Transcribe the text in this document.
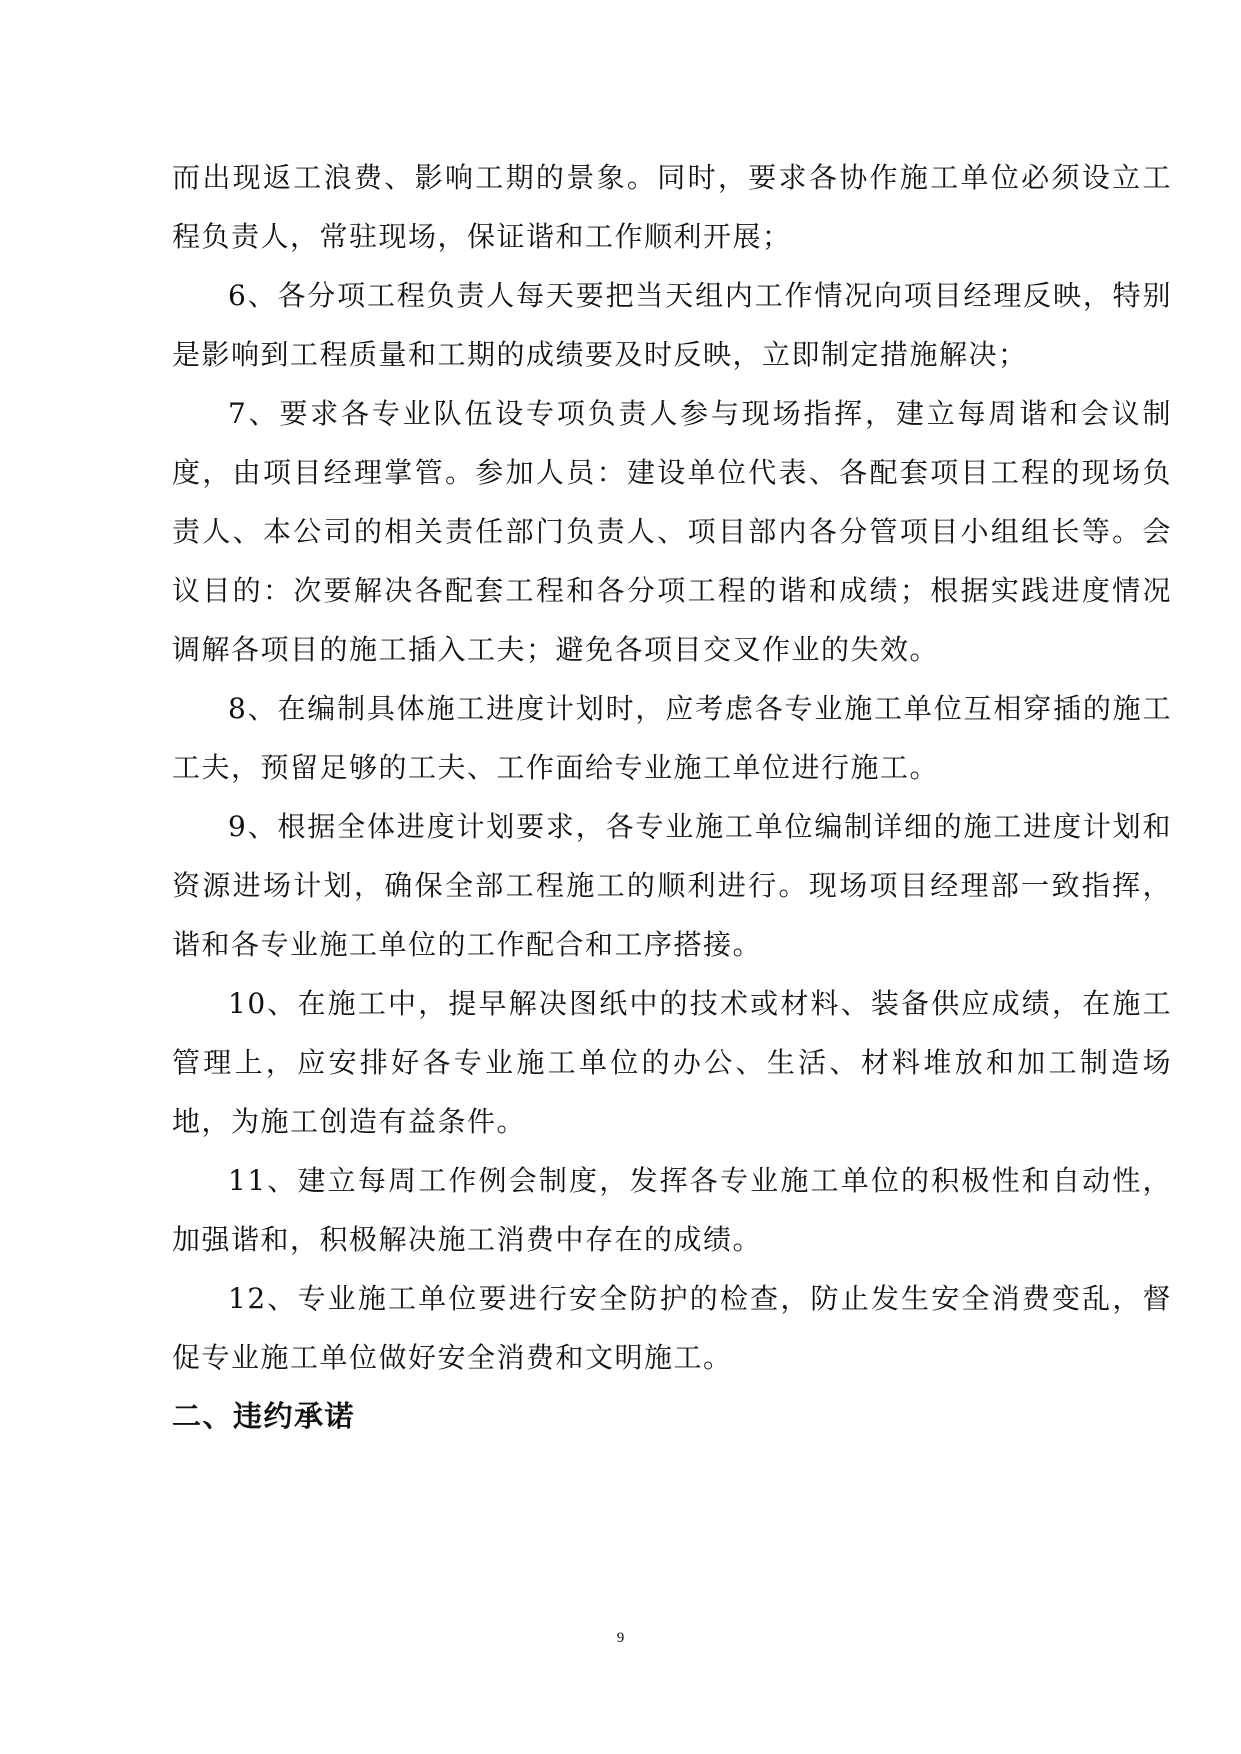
而出现返工浪费、影响工期的景象。同时，要求各协作施工单位必须设立工程负责人，常驻现场，保证谐和工作顺利开展；

6、各分项工程负责人每天要把当天组内工作情况向项目经理反映，特别是影响到工程质量和工期的成绩要及时反映，立即制定措施解决；

7、要求各专业队伍设专项负责人参与现场指挥，建立每周谐和会议制度，由项目经理掌管。参加人员：建设单位代表、各配套项目工程的现场负责人、本公司的相关责任部门负责人、项目部内各分管项目小组组长等。会议目的：次要解决各配套工程和各分项工程的谐和成绩；根据实践进度情况调解各项目的施工插入工夫；避免各项目交叉作业的失效。

8、在编制具体施工进度计划时，应考虑各专业施工单位互相穿插的施工工夫，预留足够的工夫、工作面给专业施工单位进行施工。

9、根据全体进度计划要求，各专业施工单位编制详细的施工进度计划和资源进场计划，确保全部工程施工的顺利进行。现场项目经理部一致指挥，谐和各专业施工单位的工作配合和工序搭接。

10、在施工中，提早解决图纸中的技术或材料、装备供应成绩，在施工管理上，应安排好各专业施工单位的办公、生活、材料堆放和加工制造场地，为施工创造有益条件。

11、建立每周工作例会制度，发挥各专业施工单位的积极性和自动性，加强谐和，积极解决施工消费中存在的成绩。

12、专业施工单位要进行安全防护的检查，防止发生安全消费变乱，督促专业施工单位做好安全消费和文明施工。

二、违约承诺
9
